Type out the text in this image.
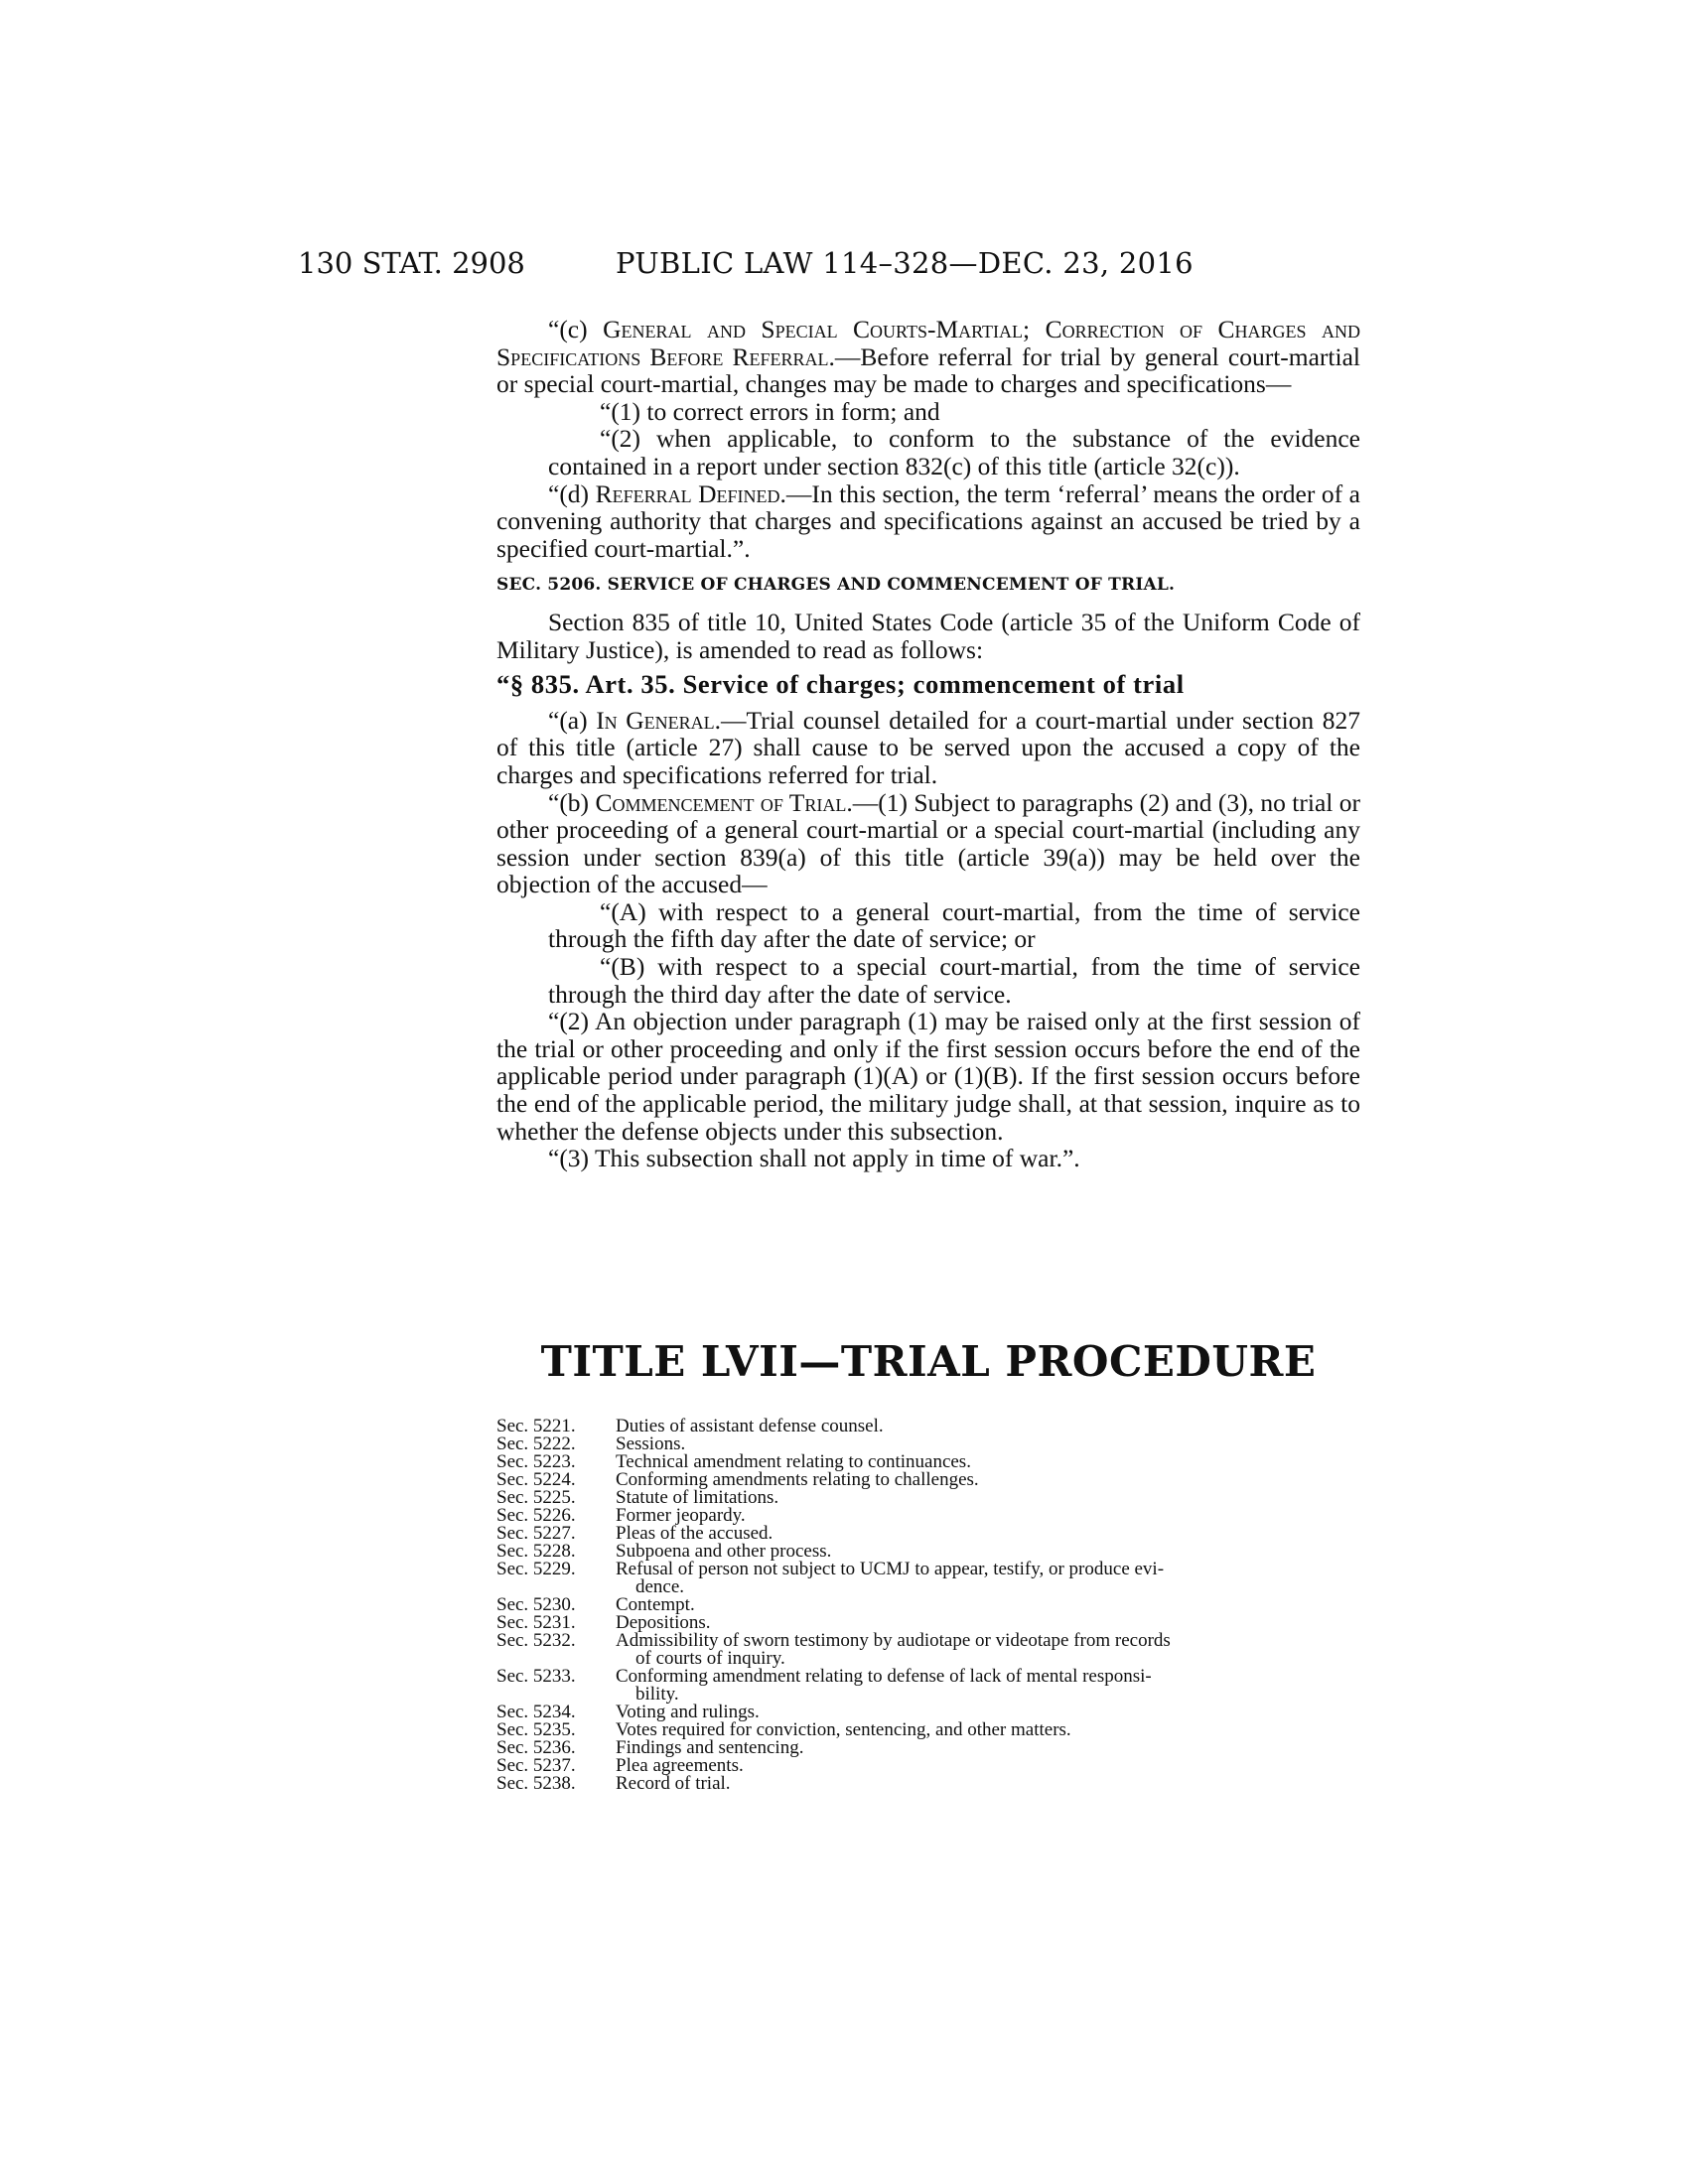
130 STAT. 2908	PUBLIC LAW 114–328—DEC. 23, 2016

“(c) General and Special Courts-Martial; Correction of Charges and Specifications Before Referral.—Before referral for trial by general court-martial or special court-martial, changes may be made to charges and specifications—

“(1) to correct errors in form; and

“(2) when applicable, to conform to the substance of the evidence contained in a report under section 832(c) of this title (article 32(c)).

“(d) Referral Defined.—In this section, the term ‘referral’ means the order of a convening authority that charges and specifications against an accused be tried by a specified court-martial.”.

SEC. 5206. SERVICE OF CHARGES AND COMMENCEMENT OF TRIAL.

Section 835 of title 10, United States Code (article 35 of the Uniform Code of Military Justice), is amended to read as follows:

“§ 835. Art. 35. Service of charges; commencement of trial

“(a) In General.—Trial counsel detailed for a court-martial under section 827 of this title (article 27) shall cause to be served upon the accused a copy of the charges and specifications referred for trial.

“(b) Commencement of Trial.—(1) Subject to paragraphs (2) and (3), no trial or other proceeding of a general court-martial or a special court-martial (including any session under section 839(a) of this title (article 39(a)) may be held over the objection of the accused—

“(A) with respect to a general court-martial, from the time of service through the fifth day after the date of service; or

“(B) with respect to a special court-martial, from the time of service through the third day after the date of service.

“(2) An objection under paragraph (1) may be raised only at the first session of the trial or other proceeding and only if the first session occurs before the end of the applicable period under paragraph (1)(A) or (1)(B). If the first session occurs before the end of the applicable period, the military judge shall, at that session, inquire as to whether the defense objects under this subsection.

“(3) This subsection shall not apply in time of war.”.

TITLE LVII—TRIAL PROCEDURE
Sec. 5221.	Duties of assistant defense counsel.
Sec. 5222.	Sessions.
Sec. 5223.	Technical amendment relating to continuances.
Sec. 5224.	Conforming amendments relating to challenges.
Sec. 5225.	Statute of limitations.
Sec. 5226.	Former jeopardy.
Sec. 5227.	Pleas of the accused.
Sec. 5228.	Subpoena and other process.
Sec. 5229.	Refusal of person not subject to UCMJ to appear, testify, or produce evi-
dence.
Sec. 5230.	Contempt.
Sec. 5231.	Depositions.
Sec. 5232.	Admissibility of sworn testimony by audiotape or videotape from records
of courts of inquiry.
Sec. 5233.	Conforming amendment relating to defense of lack of mental responsi-
bility.
Sec. 5234.	Voting and rulings.
Sec. 5235.	Votes required for conviction, sentencing, and other matters.
Sec. 5236.	Findings and sentencing.
Sec. 5237.	Plea agreements.
Sec. 5238.	Record of trial.
